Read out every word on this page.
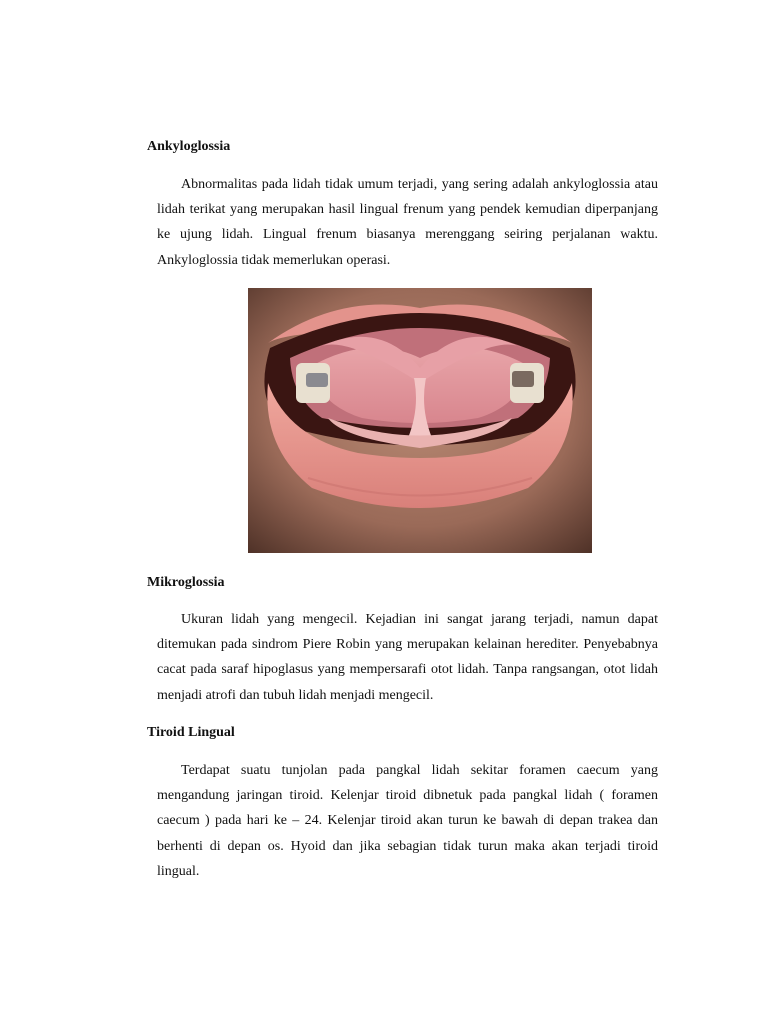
Ankyloglossia

Abnormalitas pada lidah tidak umum terjadi, yang sering adalah ankyloglossia atau lidah terikat yang merupakan hasil lingual frenum yang pendek kemudian diperpanjang ke ujung lidah. Lingual frenum biasanya merenggang seiring perjalanan waktu. Ankyloglossia tidak memerlukan operasi.

Mikroglossia

Ukuran lidah yang mengecil. Kejadian ini sangat jarang terjadi, namun dapat ditemukan pada sindrom Piere Robin yang merupakan kelainan herediter. Penyebabnya cacat pada saraf hipoglasus yang mempersarafi otot lidah. Tanpa rangsangan, otot lidah menjadi atrofi dan tubuh lidah menjadi mengecil.

Tiroid Lingual

Terdapat suatu tunjolan pada pangkal lidah sekitar foramen caecum yang mengandung jaringan tiroid. Kelenjar tiroid dibnetuk pada pangkal lidah ( foramen caecum ) pada hari ke – 24. Kelenjar tiroid akan turun ke bawah di depan trakea dan berhenti di depan os. Hyoid dan jika sebagian tidak turun maka akan terjadi tiroid lingual.
